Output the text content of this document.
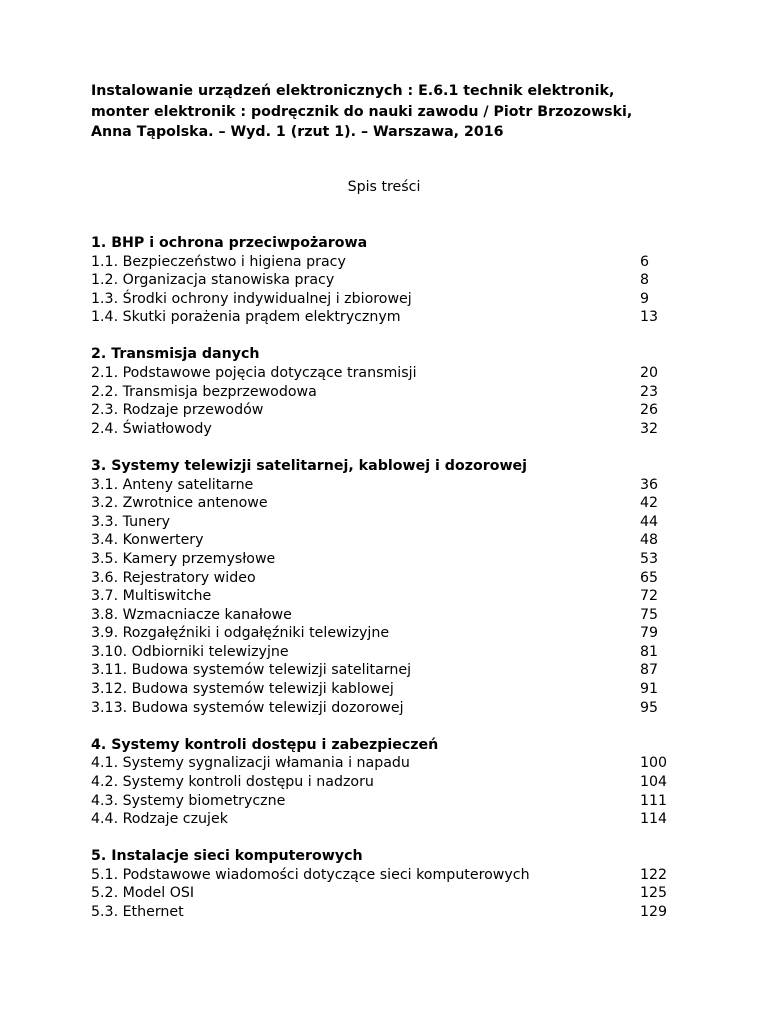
Instalowanie urządzeń elektronicznych : E.6.1 technik elektronik,
monter elektronik : podręcznik do nauki zawodu / Piotr Brzozowski,
Anna Tąpolska. – Wyd. 1 (rzut 1). – Warszawa, 2016
Spis treści
1. BHP i ochrona przeciwpożarowa
1.1. Bezpieczeństwo i higiena pracy	6
1.2. Organizacja stanowiska pracy	8
1.3. Środki ochrony indywidualnej i zbiorowej	9
1.4. Skutki porażenia prądem elektrycznym	13
2. Transmisja danych
2.1. Podstawowe pojęcia dotyczące transmisji	20
2.2. Transmisja bezprzewodowa	23
2.3. Rodzaje przewodów	26
2.4. Światłowody	32
3. Systemy telewizji satelitarnej, kablowej i dozorowej
3.1. Anteny satelitarne	36
3.2. Zwrotnice antenowe	42
3.3. Tunery	44
3.4. Konwertery	48
3.5. Kamery przemysłowe	53
3.6. Rejestratory wideo	65
3.7. Multiswitche	72
3.8. Wzmacniacze kanałowe	75
3.9. Rozgałęźniki i odgałęźniki telewizyjne	79
3.10. Odbiorniki telewizyjne	81
3.11. Budowa systemów telewizji satelitarnej	87
3.12. Budowa systemów telewizji kablowej	91
3.13. Budowa systemów telewizji dozorowej	95
4. Systemy kontroli dostępu i zabezpieczeń
4.1. Systemy sygnalizacji włamania i napadu	100
4.2. Systemy kontroli dostępu i nadzoru	104
4.3. Systemy biometryczne	111
4.4. Rodzaje czujek	114
5. Instalacje sieci komputerowych
5.1. Podstawowe wiadomości dotyczące sieci komputerowych	122
5.2. Model OSI	125
5.3. Ethernet	129
